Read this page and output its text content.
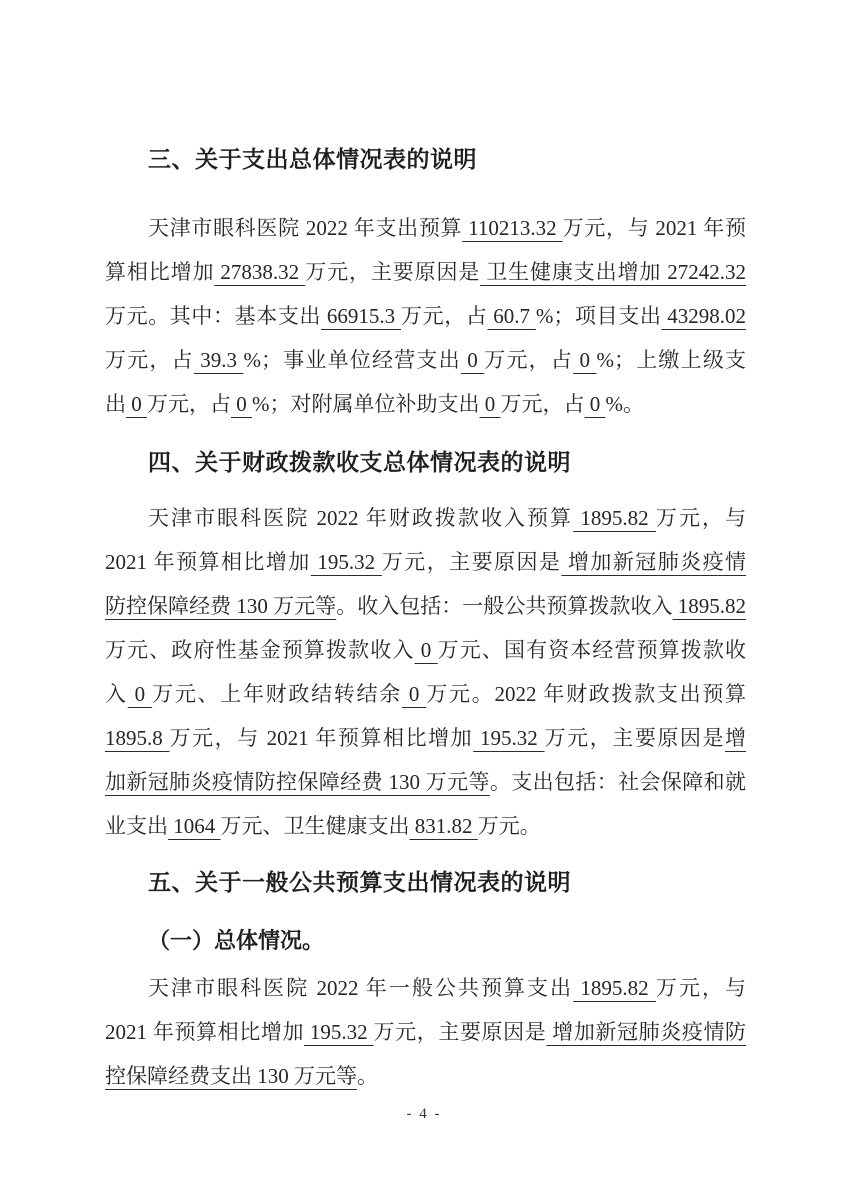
三、关于支出总体情况表的说明
天津市眼科医院 2022 年支出预算 110213.32 万元，与 2021 年预
算相比增加 27838.32 万元，主要原因是 卫生健康支出增加 27242.32
万元。其中：基本支出 66915.3 万元，占 60.7 %；项目支出 43298.02
万元，占 39.3 %；事业单位经营支出 0 万元，占 0 %；上缴上级支
出 0 万元，占 0 %；对附属单位补助支出 0 万元，占 0 %。
四、关于财政拨款收支总体情况表的说明
天津市眼科医院 2022 年财政拨款收入预算 1895.82 万元，与
2021 年预算相比增加 195.32 万元，主要原因是 增加新冠肺炎疫情
防控保障经费 130 万元等。收入包括：一般公共预算拨款收入 1895.82
万元、政府性基金预算拨款收入 0 万元、国有资本经营预算拨款收
入 0 万元、上年财政结转结余 0 万元。2022 年财政拨款支出预算
1895.8 万元，与 2021 年预算相比增加 195.32 万元，主要原因是增
加新冠肺炎疫情防控保障经费 130 万元等。支出包括：社会保障和就
业支出 1064 万元、卫生健康支出 831.82 万元。
五、关于一般公共预算支出情况表的说明
（一）总体情况。
天津市眼科医院 2022 年一般公共预算支出 1895.82 万元，与
2021 年预算相比增加 195.32 万元，主要原因是 增加新冠肺炎疫情防
控保障经费支出 130 万元等。
- 4 -
